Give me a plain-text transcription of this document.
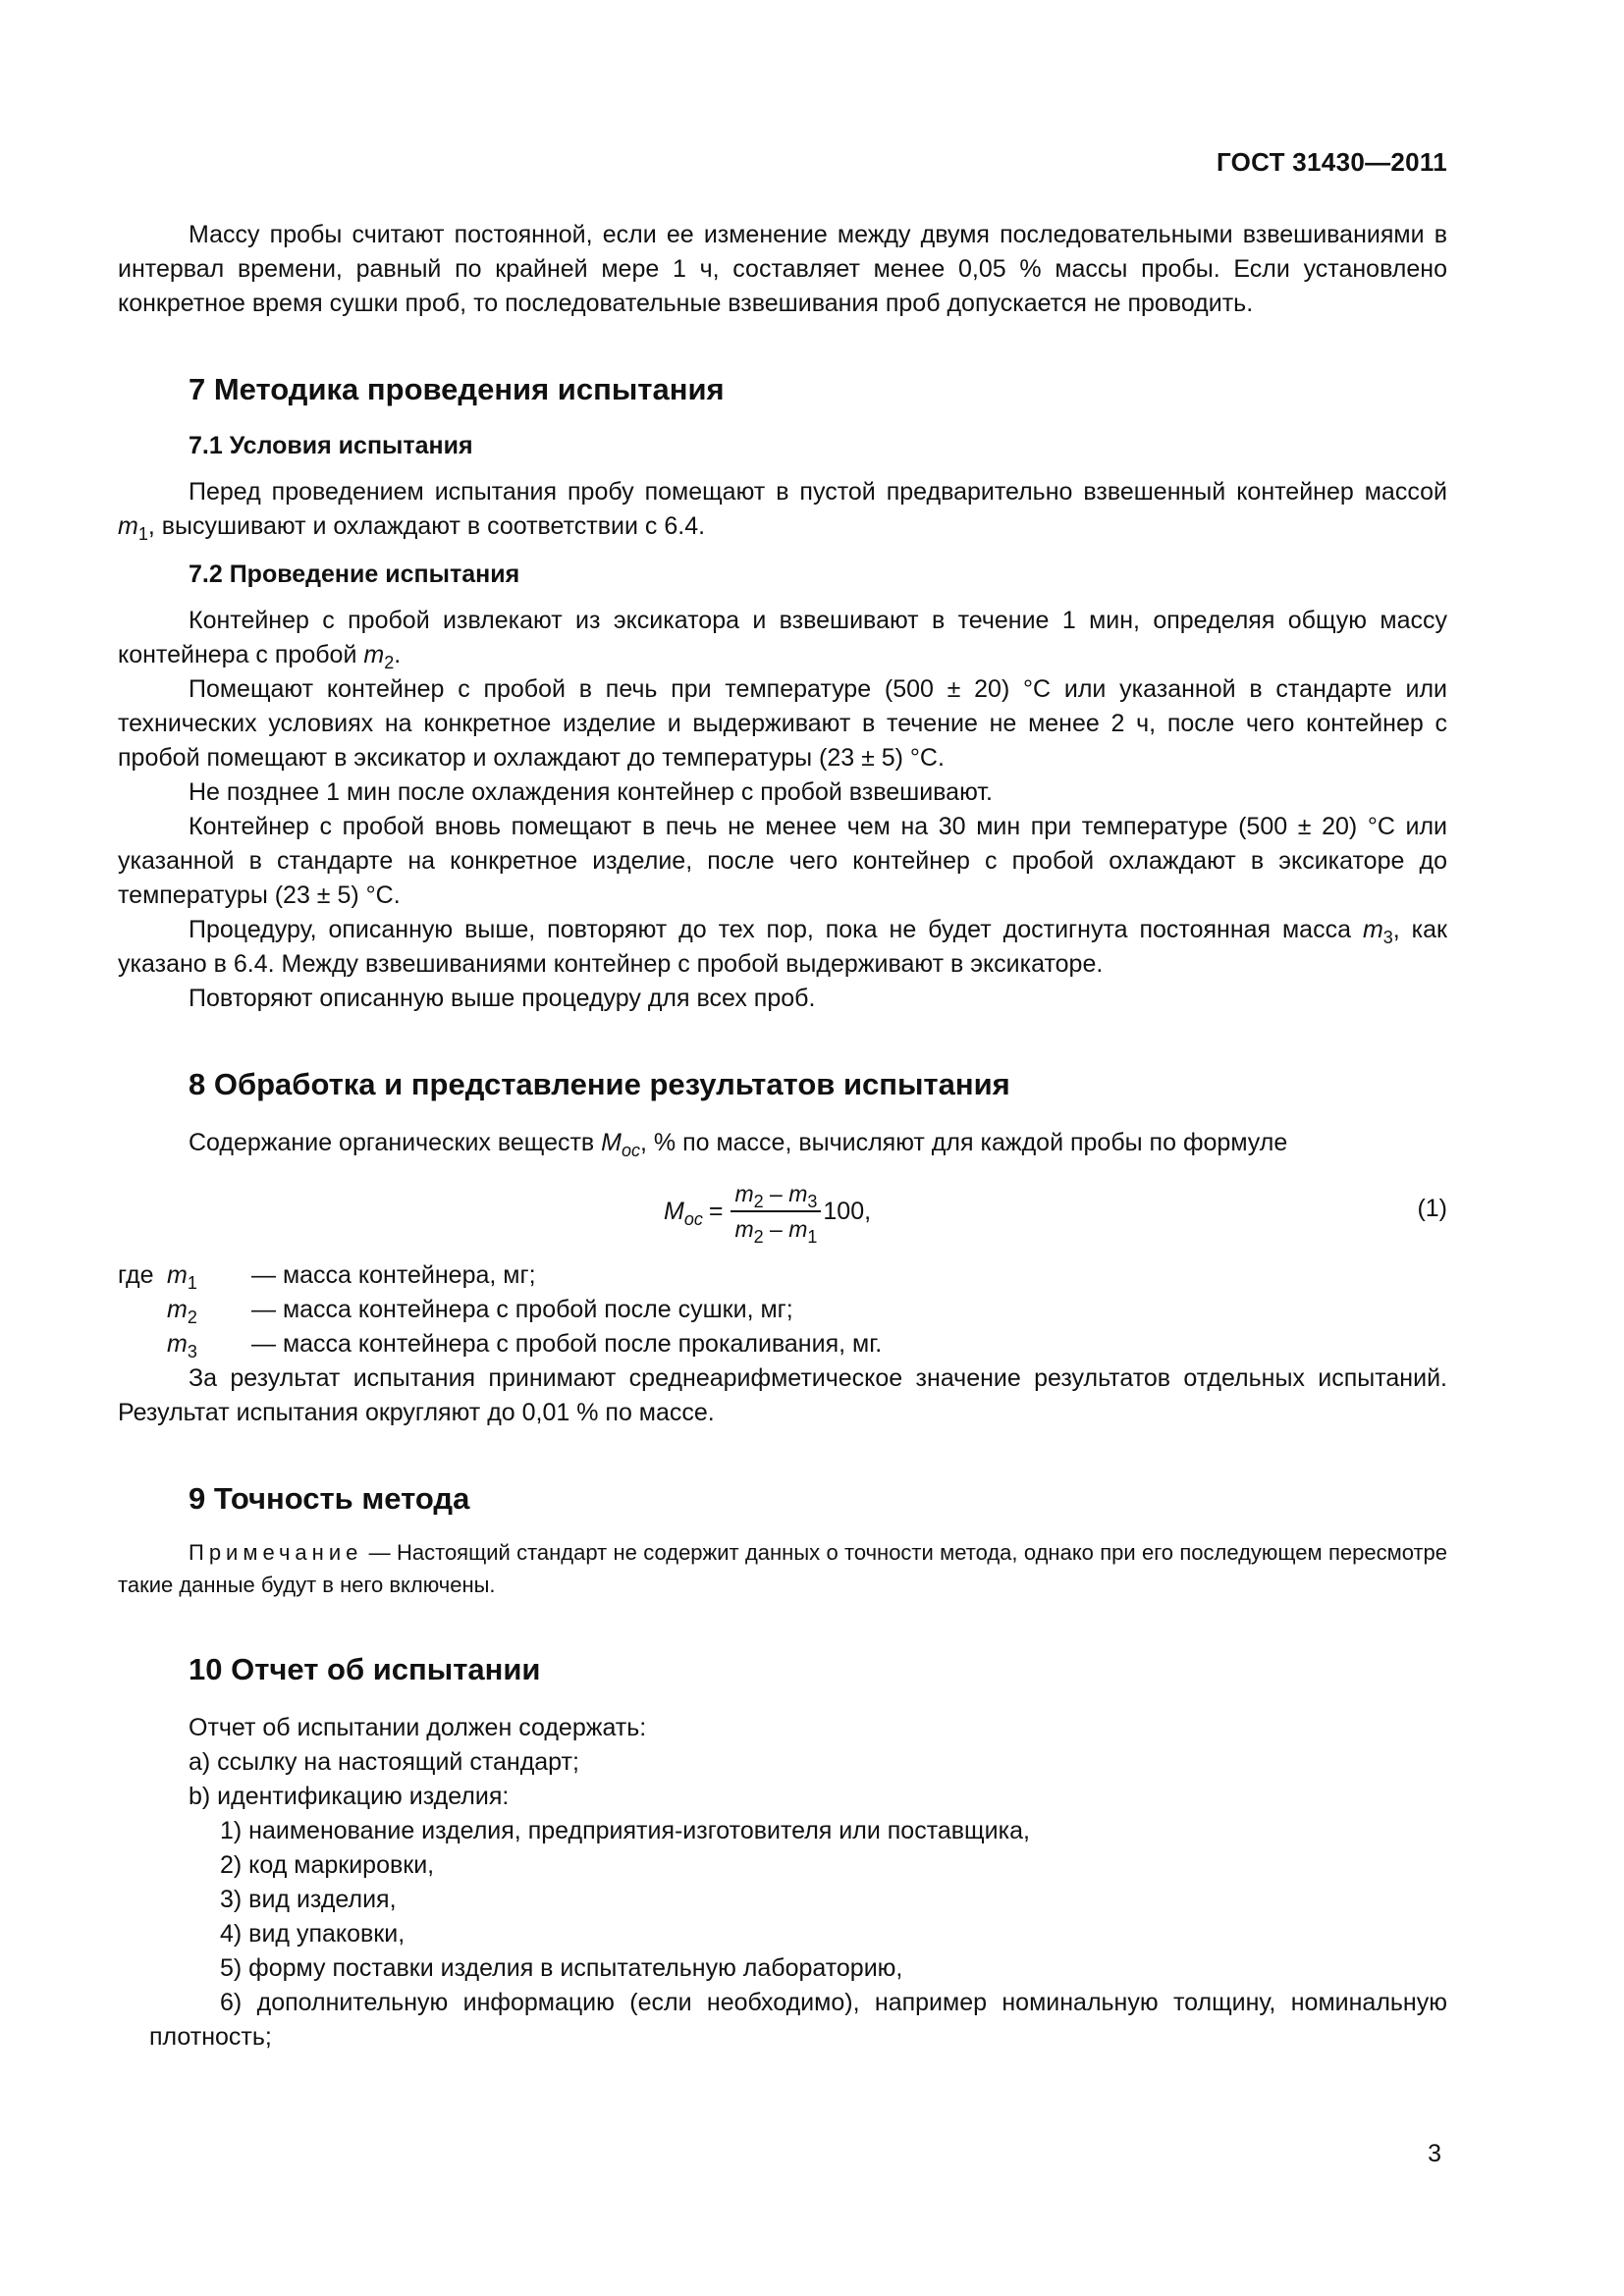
ГОСТ 31430—2011

Массу пробы считают постоянной, если ее изменение между двумя последовательными взвешиваниями в интервал времени, равный по крайней мере 1 ч, составляет менее 0,05 % массы пробы. Если установлено конкретное время сушки проб, то последовательные взвешивания проб допускается не проводить.

7 Методика проведения испытания
7.1 Условия испытания

Перед проведением испытания пробу помещают в пустой предварительно взвешенный контейнер массой $m_1$, высушивают и охлаждают в соответствии с 6.4.

7.2 Проведение испытания

Контейнер с пробой извлекают из эксикатора и взвешивают в течение 1 мин, определяя общую массу контейнера с пробой $m_2$.

Помещают контейнер с пробой в печь при температуре (500 ± 20) °С или указанной в стандарте или технических условиях на конкретное изделие и выдерживают в течение не менее 2 ч, после чего контейнер с пробой помещают в эксикатор и охлаждают до температуры (23 ± 5) °С.

Не позднее 1 мин после охлаждения контейнер с пробой взвешивают.

Контейнер с пробой вновь помещают в печь не менее чем на 30 мин при температуре (500 ± 20) °С или указанной в стандарте на конкретное изделие, после чего контейнер с пробой охлаждают в эксикаторе до температуры (23 ± 5) °С.

Процедуру, описанную выше, повторяют до тех пор, пока не будет достигнута постоянная масса $m_3$, как указано в 6.4. Между взвешиваниями контейнер с пробой выдерживают в эксикаторе.

Повторяют описанную выше процедуру для всех проб.

8 Обработка и представление результатов испытания

Содержание органических веществ $M_{ос}$, % по массе, вычисляют для каждой пробы по формуле

$M_{ос} = \frac{m_2 - m_3}{m_2 - m_1} 100$,	(1)
где $m_1$ — масса контейнера, мг;
$m_2$ — масса контейнера с пробой после сушки, мг;
$m_3$ — масса контейнера с пробой после прокаливания, мг.

За результат испытания принимают среднеарифметическое значение результатов отдельных испытаний. Результат испытания округляют до 0,01 % по массе.

9 Точность метода

Примечание — Настоящий стандарт не содержит данных о точности метода, однако при его последующем пересмотре такие данные будут в него включены.

10 Отчет об испытании

Отчет об испытании должен содержать:

a) ссылку на настоящий стандарт;

b) идентификацию изделия:

1) наименование изделия, предприятия-изготовителя или поставщика,

2) код маркировки,

3) вид изделия,

4) вид упаковки,

5) форму поставки изделия в испытательную лабораторию,

6) дополнительную информацию (если необходимо), например номинальную толщину, номинальную плотность;

3
